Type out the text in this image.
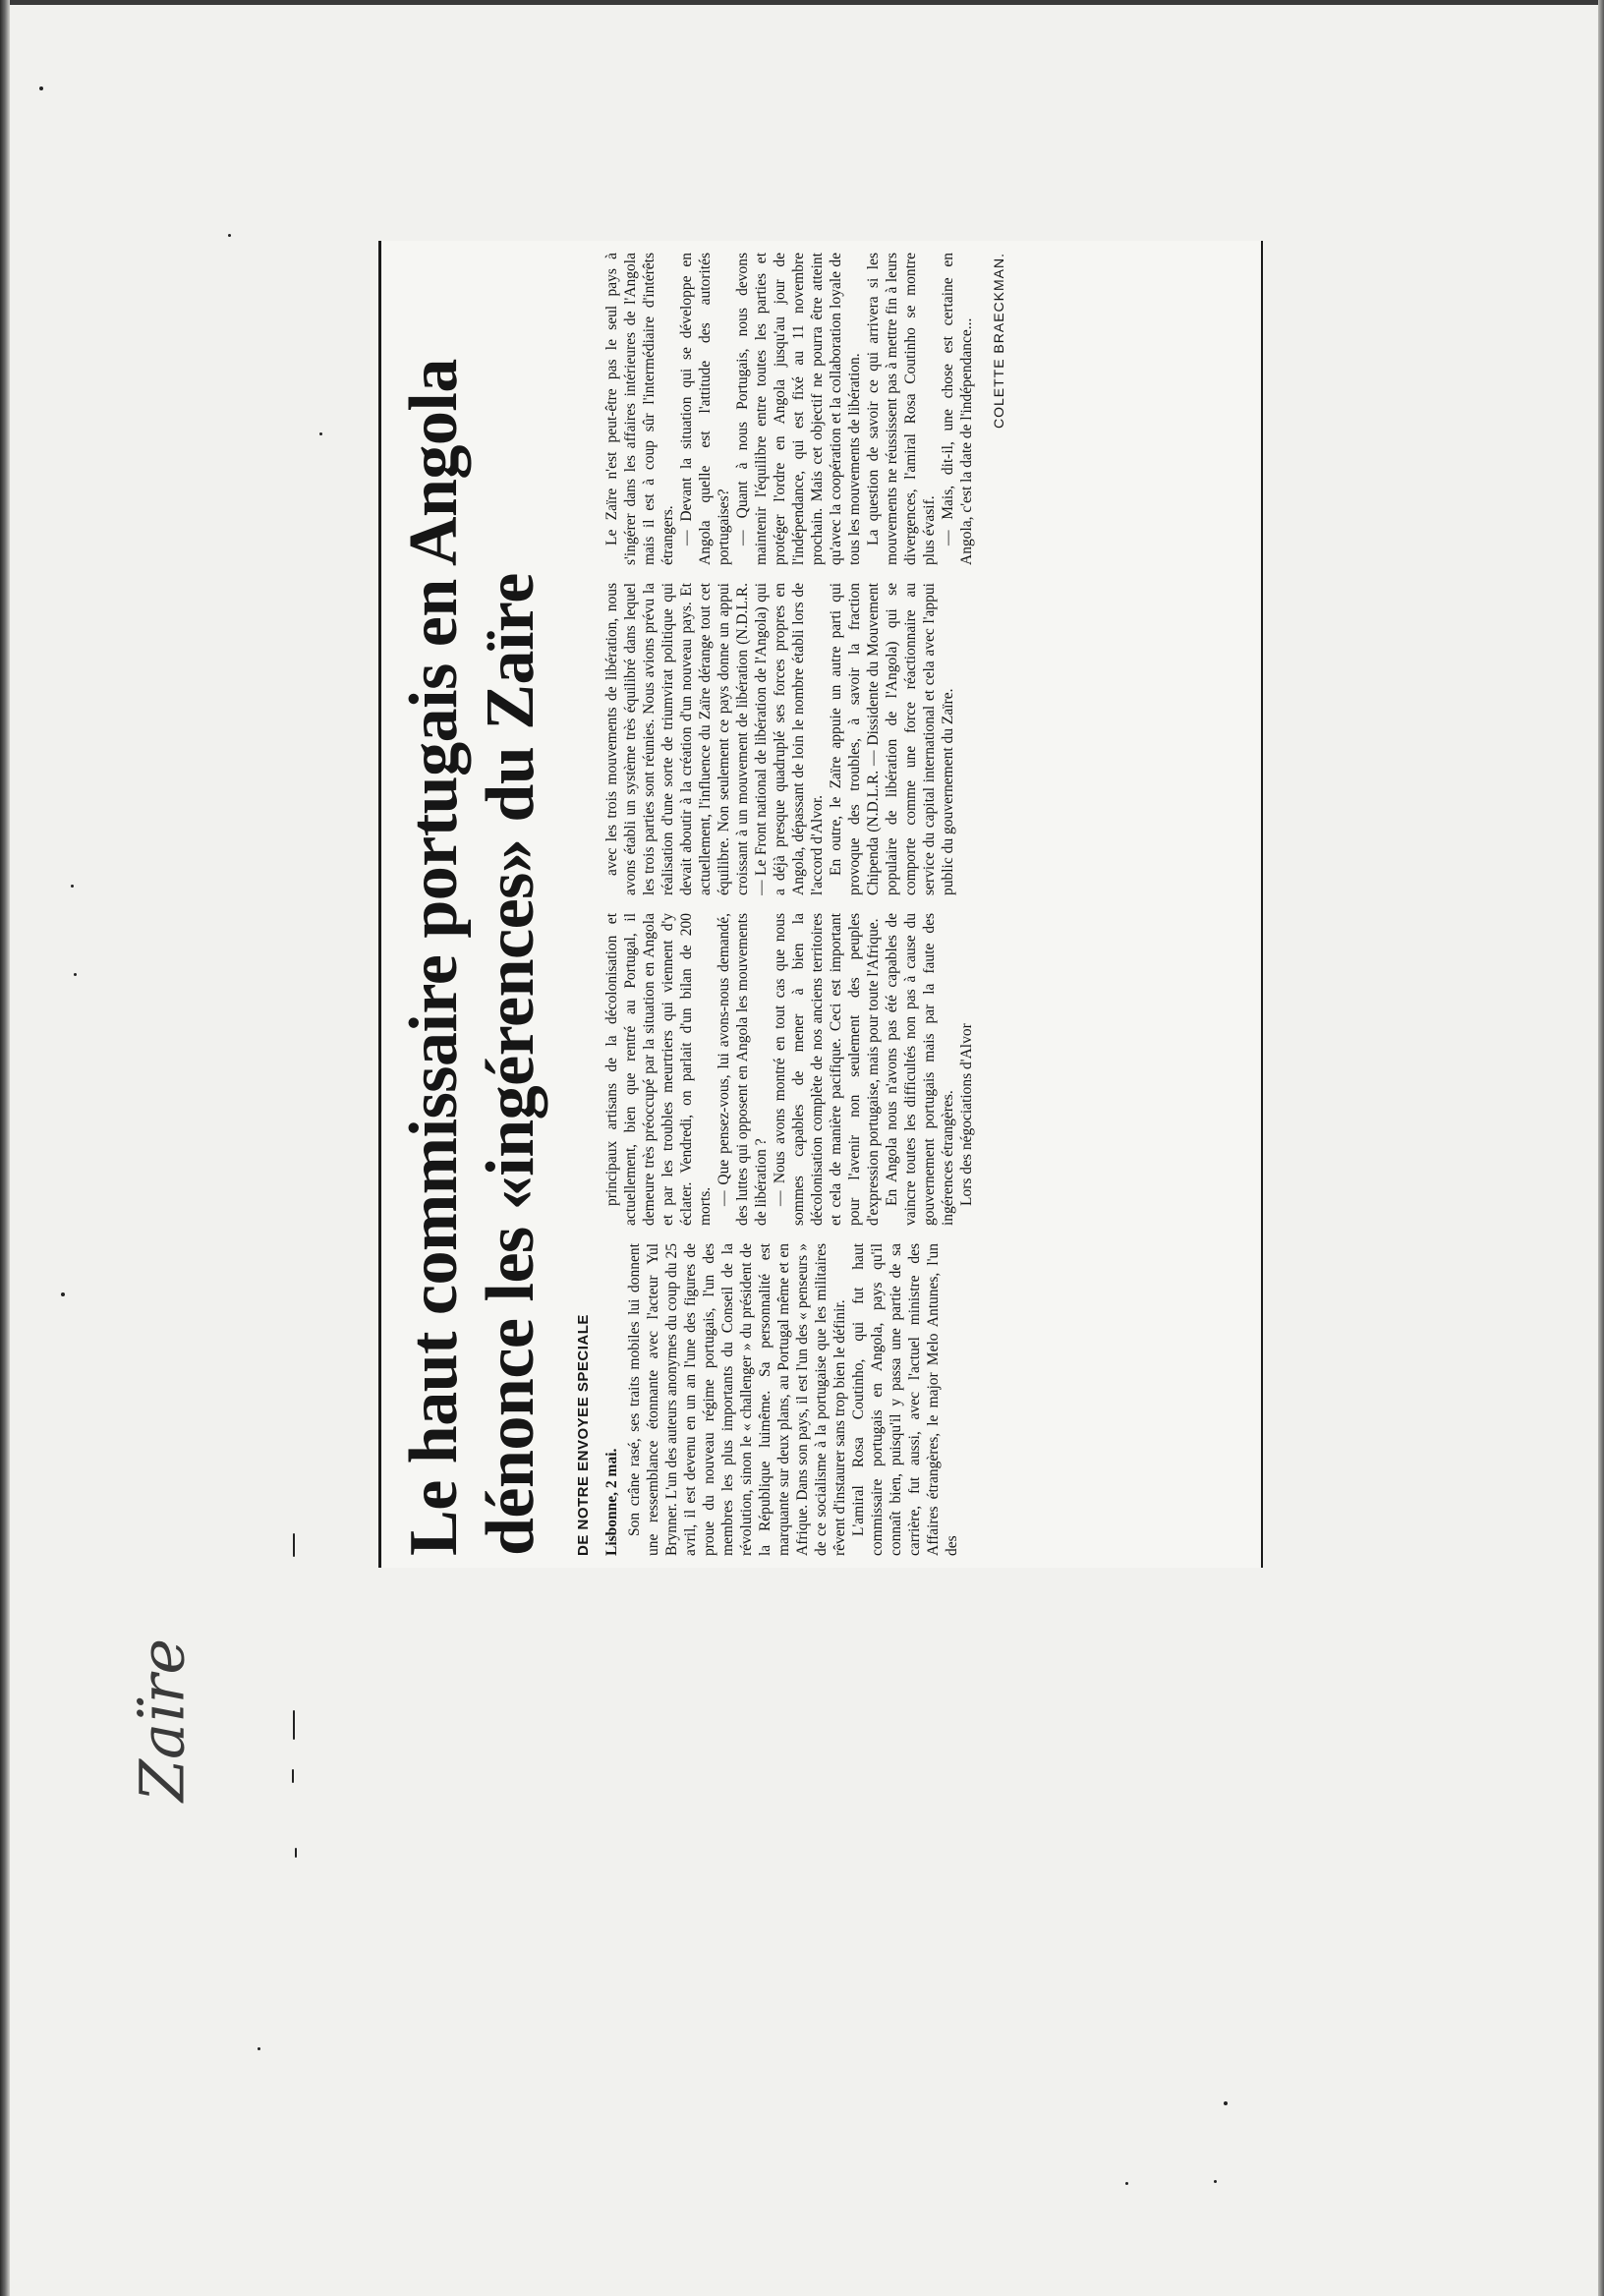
Zaïre
Le haut commissaire portugais en Angola dénonce les «ingérences» du Zaïre DE NOTRE ENVOYEE SPECIALE Lisbonne, 2 mai. Son crâne rasé, ses traits mobiles lui donnent une ressemblance étonnante avec l'acteur Yul Brynner. L'un des auteurs anonymes du coup du 25 avril, il est devenu en un an l'une des figures de proue du nouveau régime portugais, l'un des membres les plus importants du Conseil de la révolution, sinon le « challenger » du président de la République luimême. Sa personnalité est marquante sur deux plans, au Portugal même et en Afrique. Dans son pays, il est l'un des « penseurs » de ce socialisme à la portugaise que les militaires rêvent d'instaurer sans trop bien le définir. L'amiral Rosa Coutinho, qui fut haut commissaire portugais en Angola, pays qu'il connaît bien, puisqu'il y passa une partie de sa carrière, fut aussi, avec l'actuel ministre des Affaires étrangères, le major Melo Antunes, l'un des

principaux artisans de la décolonisation et actuellement, bien que rentré au Portugal, il demeure très préoccupé par la situation en Angola et par les troubles meurtriers qui viennent d'y éclater. Vendredi, on parlait d'un bilan de 200 morts.

— Que pensez-vous, lui avons-nous demandé, des luttes qui opposent en Angola les mouvements de libération ? — Nous avons montré en tout cas que nous sommes capables de mener à bien la décolonisation complète de nos anciens territoires et cela de manière pacifique. Ceci est important pour l'avenir non seulement des peuples d'expression portugaise, mais pour toute l'Afrique. En Angola nous n'avons pas été capables de vaincre toutes les difficultés non pas à cause du gouvernement portugais mais par la faute des ingérences étrangères. Lors des négociations d'Alvor

avec les trois mouvements de libération, nous avons établi un système très équilibré dans lequel les trois parties sont réunies. Nous avions prévu la réalisation d'une sorte de triumvirat politique qui devait aboutir à la création d'un nouveau pays. Et actuellement, l'influence du Zaïre dérange tout cet équilibre. Non seulement ce pays donne un appui croissant à un mouvement de libération (N.D.L.R. — Le Front national de libération de l'Angola) qui a déjà presque quadruplé ses forces propres en Angola, dépassant de loin le nombre établi lors de l'accord d'Alvor. En outre, le Zaïre appuie un autre parti qui provoque des troubles, à savoir la fraction Chipenda (N.D.L.R. — Dissidente du Mouvement populaire de libération de l'Angola) qui se comporte comme une force réactionnaire au service du capital international et cela avec l'appui public du gouvernement du Zaïre.

Le Zaïre n'est peut-être pas le seul pays à s'ingérer dans les affaires intérieures de l'Angola mais il est à coup sûr l'intermédiaire d'intérêts étrangers. — Devant la situation qui se développe en Angola quelle est l'attitude des autorités portugaises? — Quant à nous Portugais, nous devons maintenir l'équilibre entre toutes les parties et protéger l'ordre en Angola jusqu'au jour de l'indépendance, qui est fixé au 11 novembre prochain. Mais cet objectif ne pourra être atteint qu'avec la coopération et la collaboration loyale de tous les mouvements de libération. La question de savoir ce qui arrivera si les mouvements ne réussissent pas à mettre fin à leurs divergences, l'amiral Rosa Coutinho se montre plus évasif. — Mais, dit-il, une chose est certaine en Angola, c'est la date de l'indépendance... COLETTE BRAECKMAN.
